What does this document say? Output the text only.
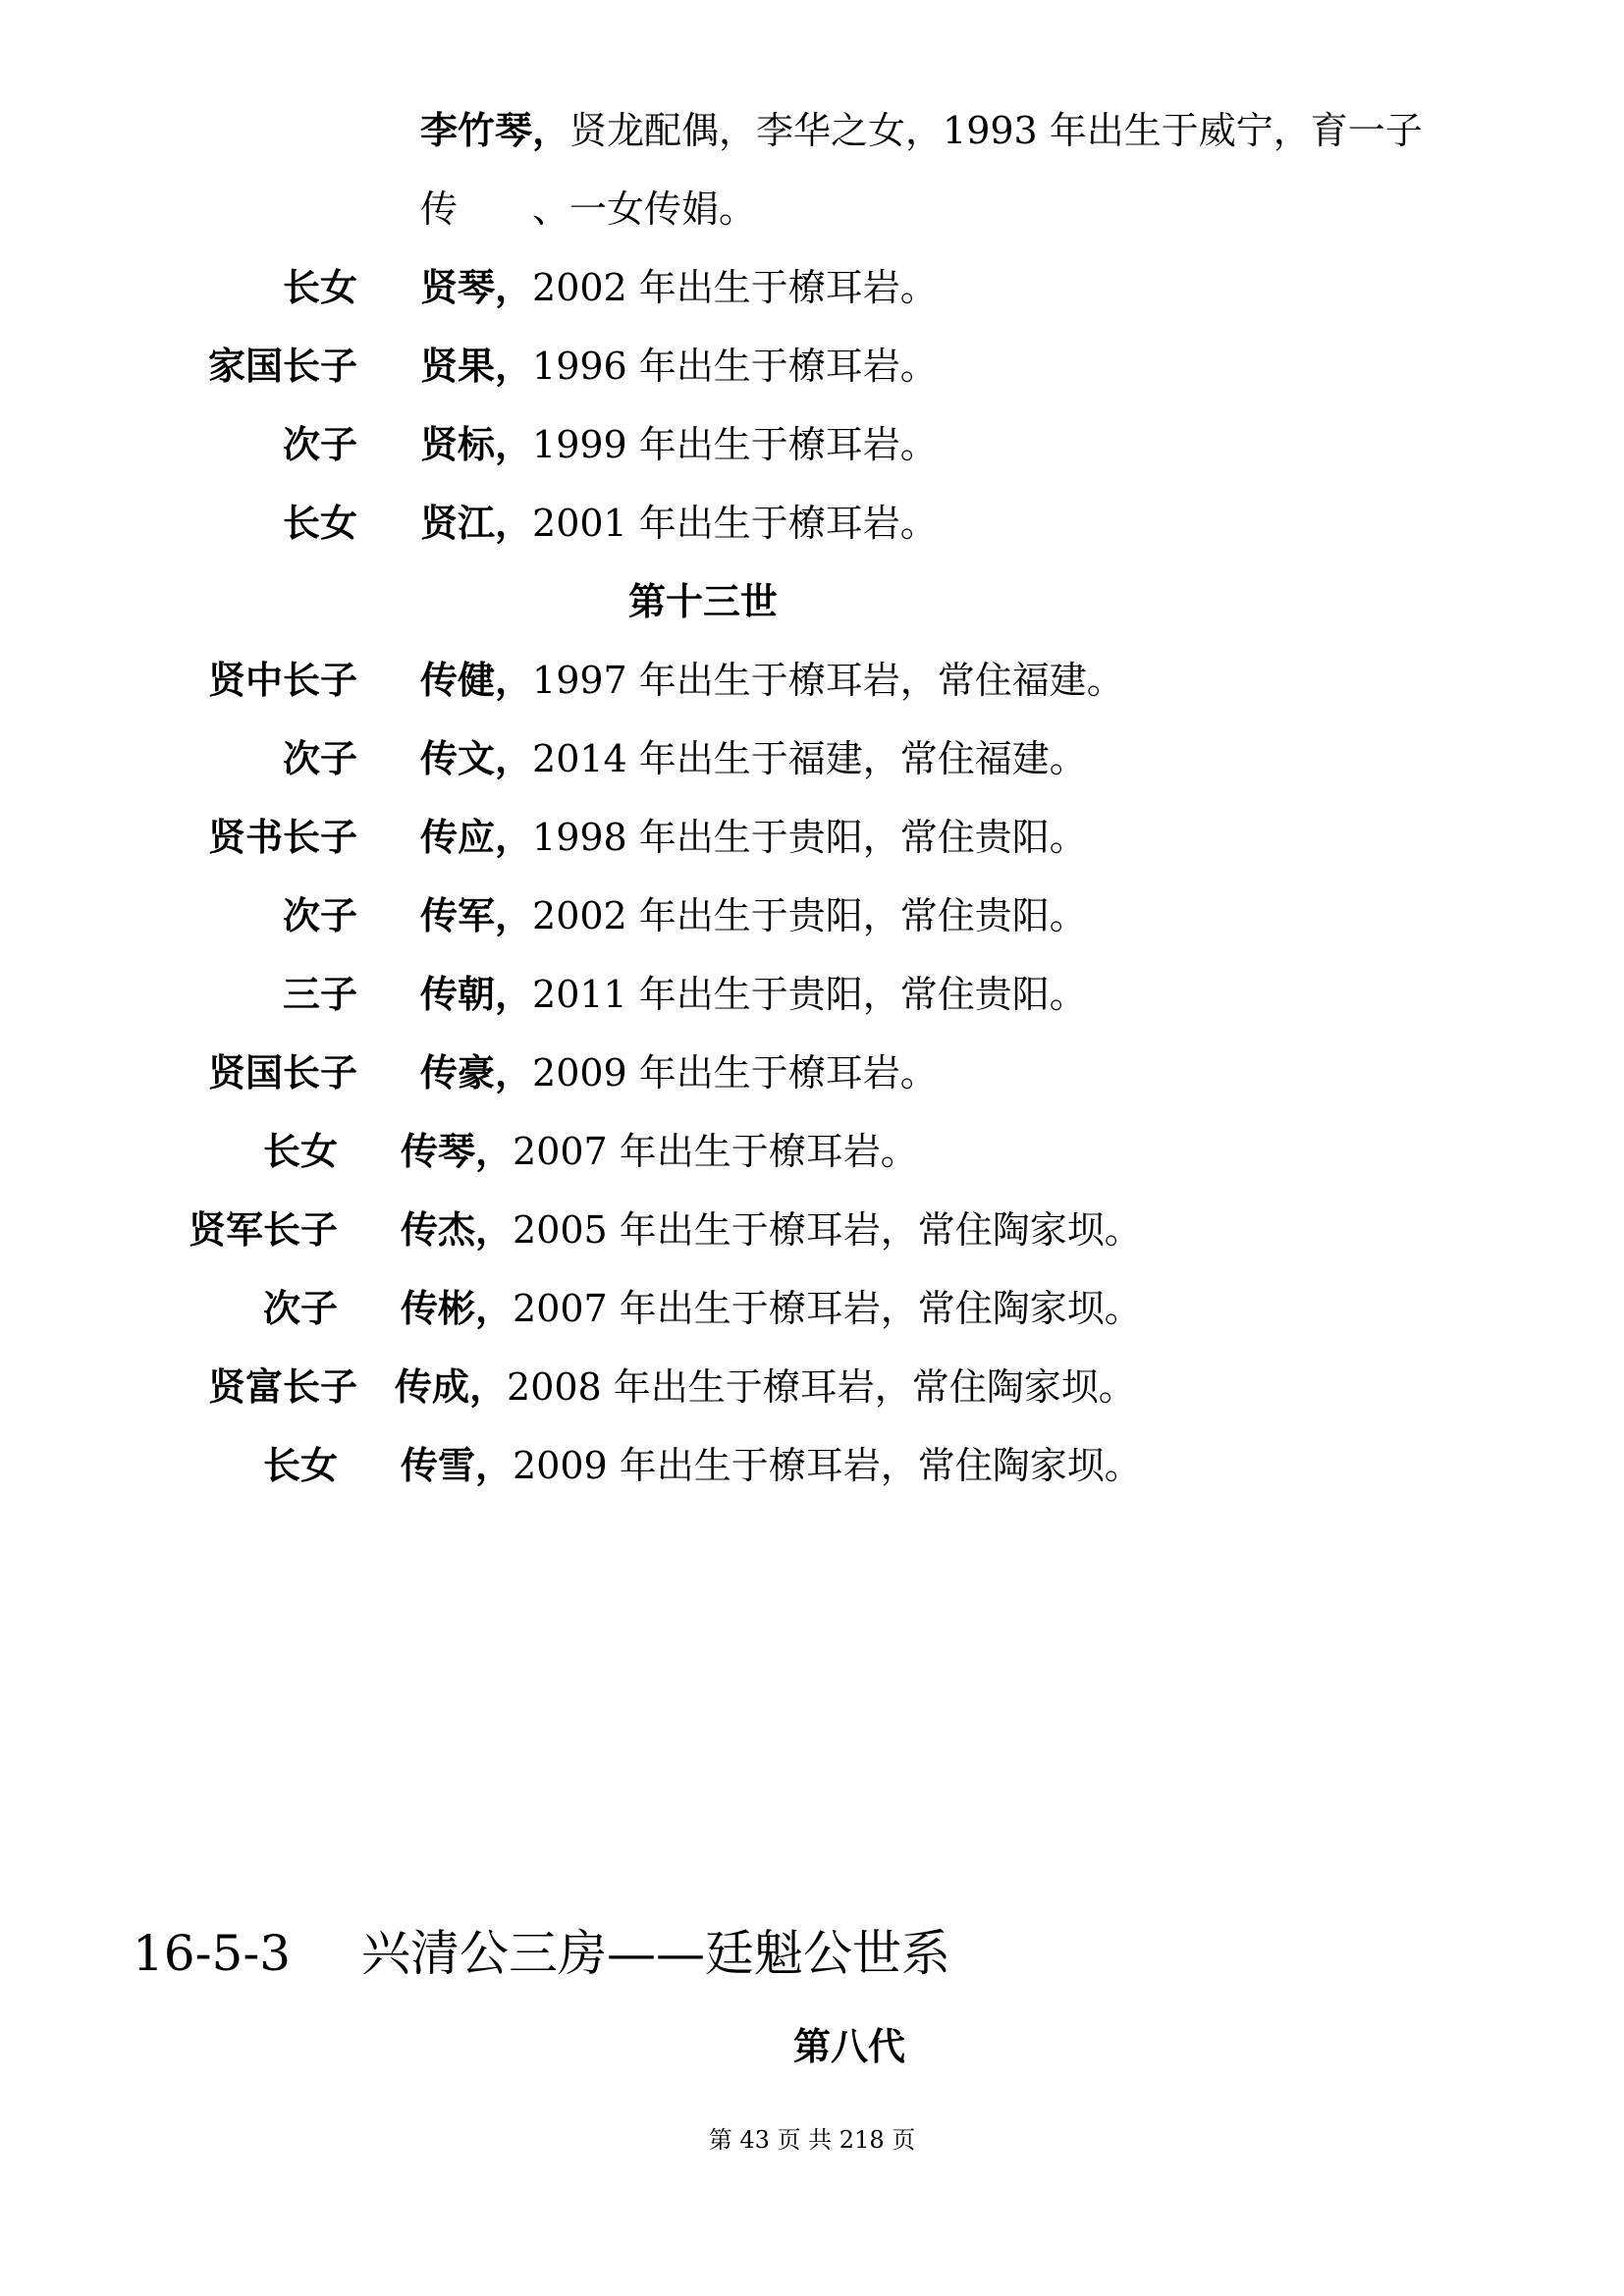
李竹琴，贤龙配偶，李华之女，1993 年出生于威宁，育一子
传　　、一女传娟。
长女 贤琴，2002 年出生于橑耳岩。
家国长子 贤果，1996 年出生于橑耳岩。
次子 贤标，1999 年出生于橑耳岩。
长女 贤江，2001 年出生于橑耳岩。
第十三世
贤中长子 传健，1997 年出生于橑耳岩，常住福建。
次子 传文，2014 年出生于福建，常住福建。
贤书长子 传应，1998 年出生于贵阳，常住贵阳。
次子 传军，2002 年出生于贵阳，常住贵阳。
三子 传朝，2011 年出生于贵阳，常住贵阳。
贤国长子 传豪，2009 年出生于橑耳岩。
长女 传琴，2007 年出生于橑耳岩。
贤军长子 传杰，2005 年出生于橑耳岩，常住陶家坝。
次子 传彬，2007 年出生于橑耳岩，常住陶家坝。
贤富长子 传成，2008 年出生于橑耳岩，常住陶家坝。
长女 传雪，2009 年出生于橑耳岩，常住陶家坝。
16-5-3 兴清公三房——廷魁公世系
第八代
第 43 页 共 218 页
